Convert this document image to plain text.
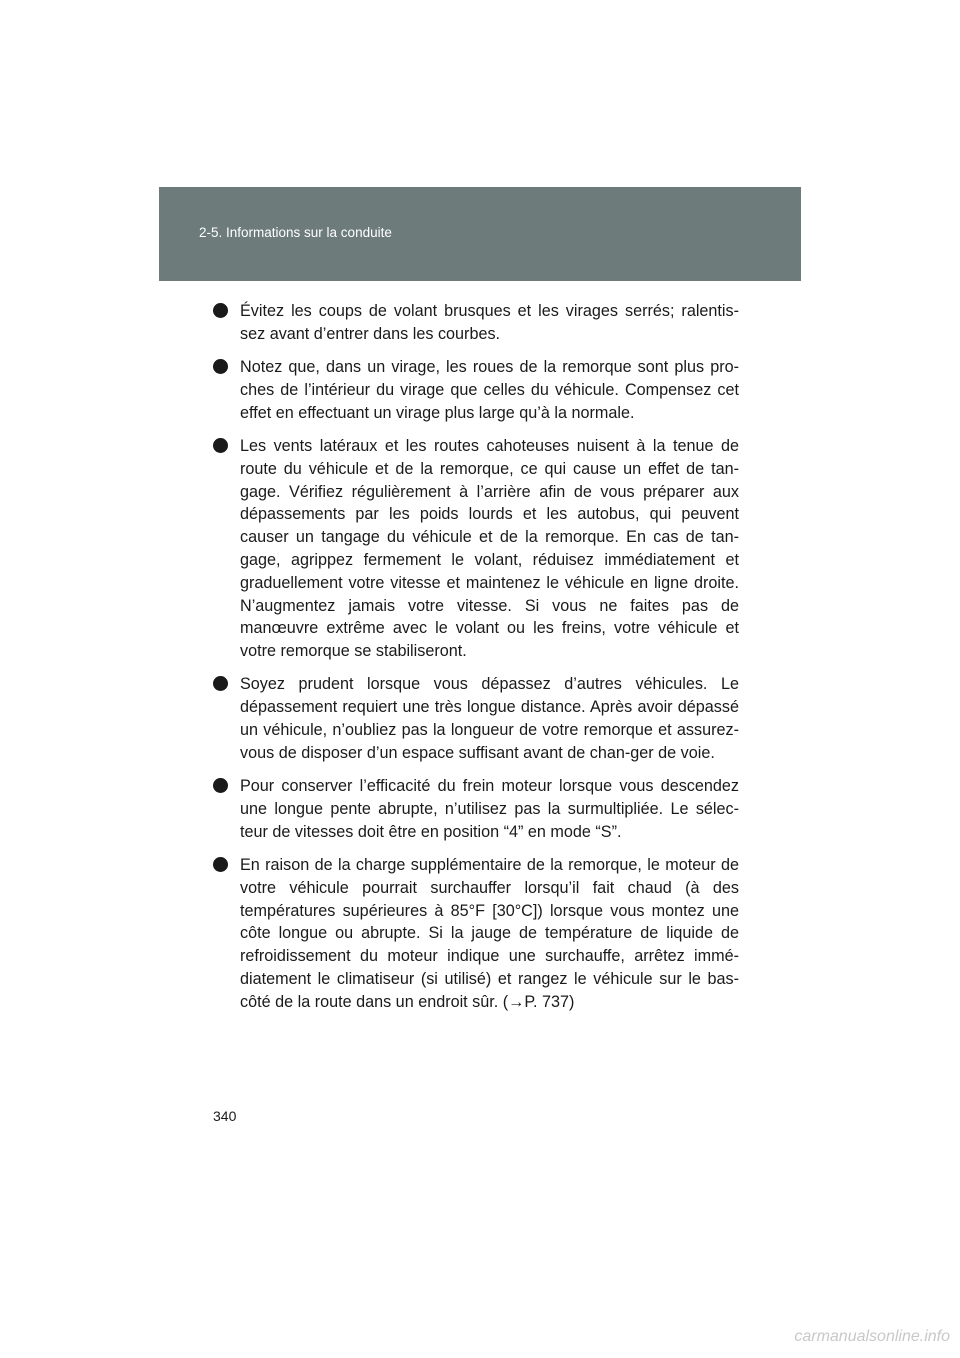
2-5. Informations sur la conduite

Évitez les coups de volant brusques et les virages serrés; ralentis-sez avant d’entrer dans les courbes.

Notez que, dans un virage, les roues de la remorque sont plus pro-ches de l’intérieur du virage que celles du véhicule. Compensez cet effet en effectuant un virage plus large qu’à la normale.

Les vents latéraux et les routes cahoteuses nuisent à la tenue de route du véhicule et de la remorque, ce qui cause un effet de tan-gage. Vérifiez régulièrement à l’arrière afin de vous préparer aux dépassements par les poids lourds et les autobus, qui peuvent causer un tangage du véhicule et de la remorque. En cas de tan-gage, agrippez fermement le volant, réduisez immédiatement et graduellement votre vitesse et maintenez le véhicule en ligne droite. N’augmentez jamais votre vitesse. Si vous ne faites pas de manœuvre extrême avec le volant ou les freins, votre véhicule et votre remorque se stabiliseront.

Soyez prudent lorsque vous dépassez d’autres véhicules. Le dépassement requiert une très longue distance. Après avoir dépassé un véhicule, n’oubliez pas la longueur de votre remorque et assurez-vous de disposer d’un espace suffisant avant de chan-ger de voie.

Pour conserver l’efficacité du frein moteur lorsque vous descendez une longue pente abrupte, n’utilisez pas la surmultipliée. Le sélec-teur de vitesses doit être en position “4” en mode “S”.

En raison de la charge supplémentaire de la remorque, le moteur de votre véhicule pourrait surchauffer lorsqu’il fait chaud (à des températures supérieures à 85°F [30°C]) lorsque vous montez une côte longue ou abrupte. Si la jauge de température de liquide de refroidissement du moteur indique une surchauffe, arrêtez immé-diatement le climatiseur (si utilisé) et rangez le véhicule sur le bas-côté de la route dans un endroit sûr. (→P. 737)

340
carmanualsonline.info
